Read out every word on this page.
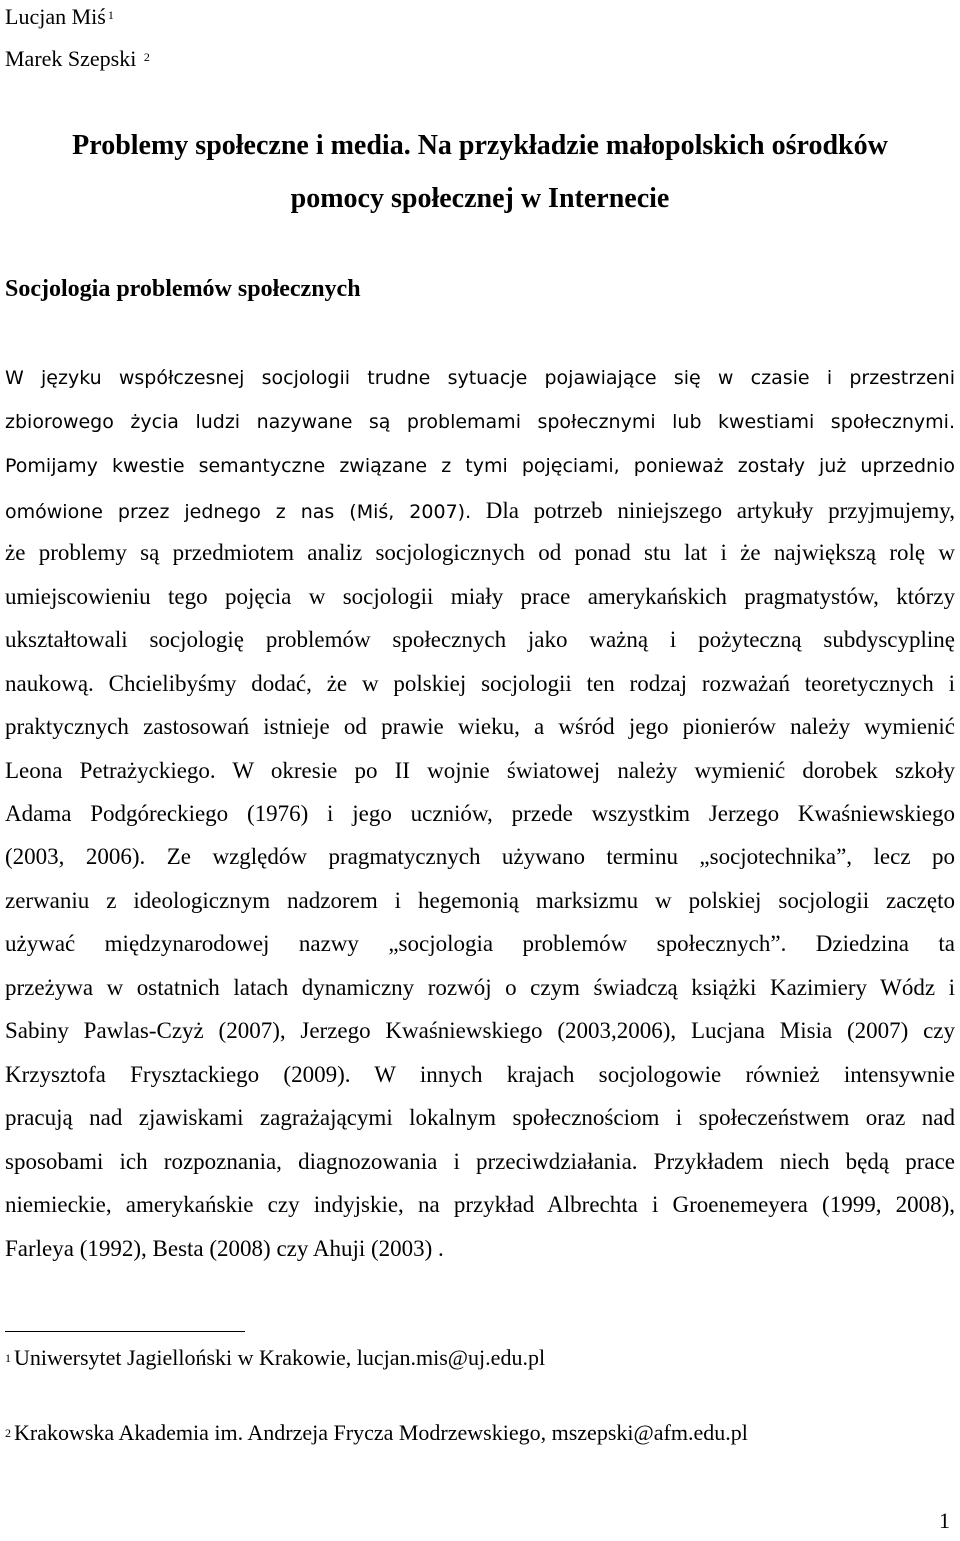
Lucjan Miś $^1$
Marek Szepski $^2$
Problemy społeczne i media. Na przykładzie małopolskich ośrodków
pomocy społecznej w Internecie
Socjologia problemów społecznych
W języku współczesnej socjologii trudne sytuacje pojawiające się w czasie i przestrzeni
zbiorowego życia ludzi nazywane są problemami społecznymi lub kwestiami społecznymi.
Pomijamy kwestie semantyczne związane z tymi pojęciami, ponieważ zostały już uprzednio
omówione przez jednego z nas (Miś, 2007). Dla potrzeb niniejszego artykuły przyjmujemy,
że problemy są przedmiotem analiz socjologicznych od ponad stu lat i że największą rolę w
umiejscowieniu tego pojęcia w socjologii miały prace amerykańskich pragmatystów, którzy
ukształtowali socjologię problemów społecznych jako ważną i pożyteczną subdyscyplinę
naukową. Chcielibyśmy dodać, że w polskiej socjologii ten rodzaj rozważań teoretycznych i
praktycznych zastosowań istnieje od prawie wieku, a wśród jego pionierów należy wymienić
Leona Petrażyckiego. W okresie po II wojnie światowej należy wymienić dorobek szkoły
Adama Podgóreckiego (1976) i jego uczniów, przede wszystkim Jerzego Kwaśniewskiego
(2003, 2006). Ze względów pragmatycznych używano terminu „socjotechnika”, lecz po
zerwaniu z ideologicznym nadzorem i hegemonią marksizmu w polskiej socjologii zaczęto
używać międzynarodowej nazwy „socjologia problemów społecznych”. Dziedzina ta
przeżywa w ostatnich latach dynamiczny rozwój o czym świadczą książki Kazimiery Wódz i
Sabiny Pawlas-Czyż (2007), Jerzego Kwaśniewskiego (2003,2006), Lucjana Misia (2007) czy
Krzysztofa Frysztackiego (2009). W innych krajach socjologowie również intensywnie
pracują nad zjawiskami zagrażającymi lokalnym społecznościom i społeczeństwem oraz nad
sposobami ich rozpoznania, diagnozowania i przeciwdziałania. Przykładem niech będą prace
niemieckie, amerykańskie czy indyjskie, na przykład Albrechta i Groenemeyera (1999, 2008),
Farleya (1992), Besta (2008) czy Ahuji (2003) .
$^1$ Uniwersytet Jagielloński w Krakowie, lucjan.mis@uj.edu.pl
$^2$ Krakowska Akademia im. Andrzeja Frycza Modrzewskiego, mszepski@afm.edu.pl
1
